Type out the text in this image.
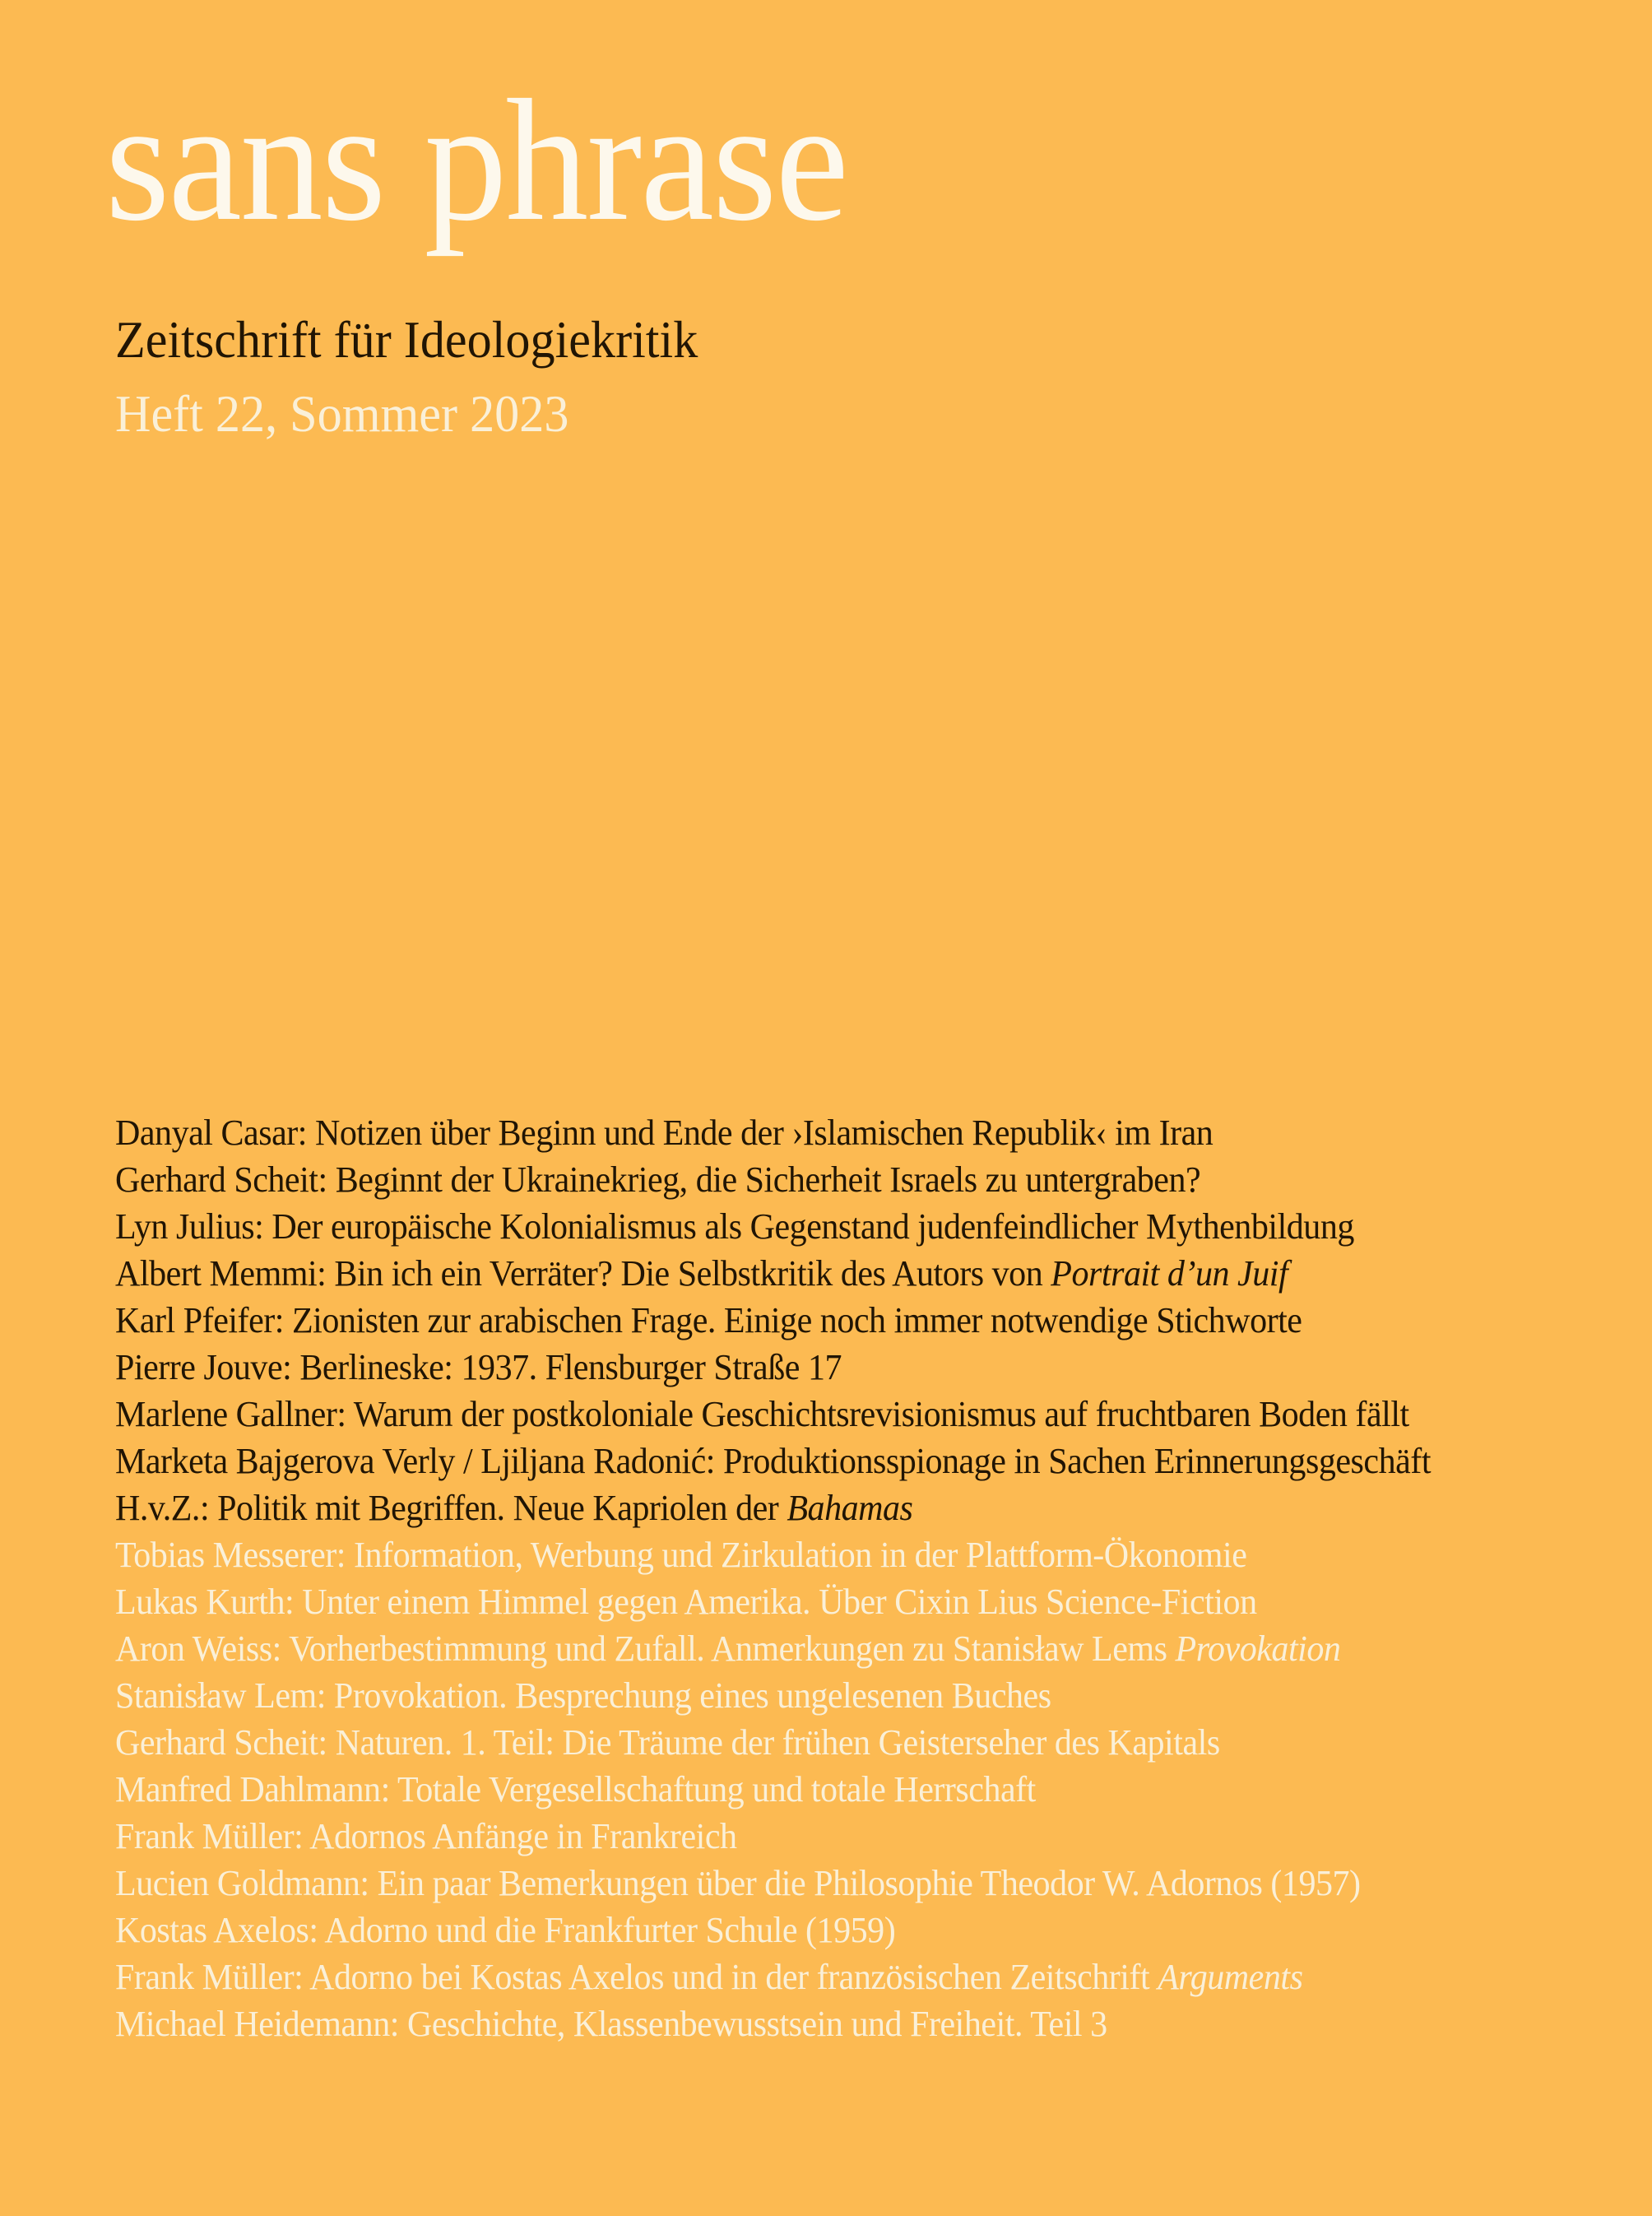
sans phrase
Zeitschrift für Ideologiekritik
Heft 22, Sommer 2023
Danyal Casar: Notizen über Beginn und Ende der ›Islamischen Republik‹ im Iran
Gerhard Scheit: Beginnt der Ukrainekrieg, die Sicherheit Israels zu untergraben?
Lyn Julius: Der europäische Kolonialismus als Gegenstand judenfeindlicher Mythenbildung
Albert Memmi: Bin ich ein Verräter? Die Selbstkritik des Autors von Portrait d’un Juif
Karl Pfeifer: Zionisten zur arabischen Frage. Einige noch immer notwendige Stichworte
Pierre Jouve: Berlineske: 1937. Flensburger Straße 17
Marlene Gallner: Warum der postkoloniale Geschichtsrevisionismus auf fruchtbaren Boden fällt
Marketa Bajgerova Verly / Ljiljana Radonić: Produktionsspionage in Sachen Erinnerungsgeschäft
H.v.Z.: Politik mit Begriffen. Neue Kapriolen der Bahamas
Tobias Messerer: Information, Werbung und Zirkulation in der Plattform-Ökonomie
Lukas Kurth: Unter einem Himmel gegen Amerika. Über Cixin Lius Science-Fiction
Aron Weiss: Vorherbestimmung und Zufall. Anmerkungen zu Stanisław Lems Provokation
Stanisław Lem: Provokation. Besprechung eines ungelesenen Buches
Gerhard Scheit: Naturen. 1. Teil: Die Träume der frühen Geisterseher des Kapitals
Manfred Dahlmann: Totale Vergesellschaftung und totale Herrschaft
Frank Müller: Adornos Anfänge in Frankreich
Lucien Goldmann: Ein paar Bemerkungen über die Philosophie Theodor W. Adornos (1957)
Kostas Axelos: Adorno und die Frankfurter Schule (1959)
Frank Müller: Adorno bei Kostas Axelos und in der französischen Zeitschrift Arguments
Michael Heidemann: Geschichte, Klassenbewusstsein und Freiheit. Teil 3
